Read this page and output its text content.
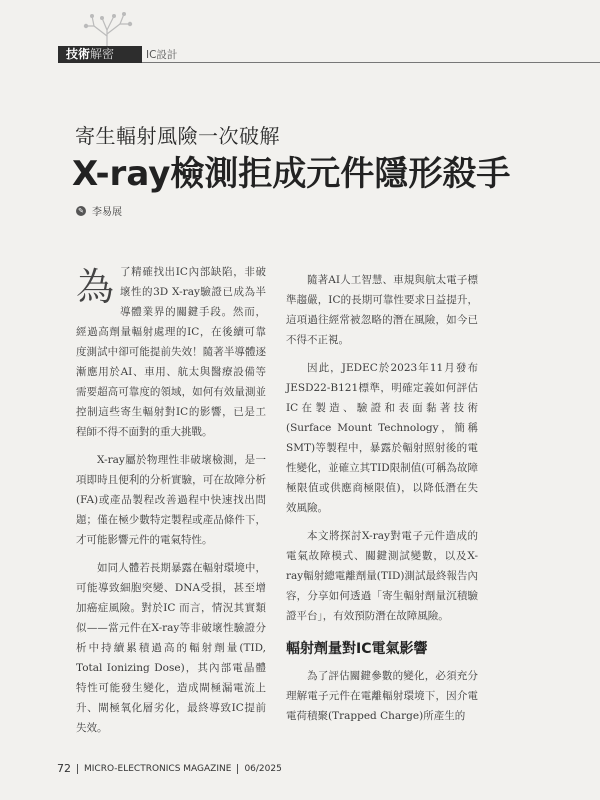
技術解密	IC設計
寄生輻射風險一次破解
X-ray檢測拒成元件隱形殺手
✎ 李易展

為了精確找出IC內部缺陷，非破壞性的3D X-ray驗證已成為半導體業界的關鍵手段。然而，經過高劑量輻射處理的IC，在後續可靠度測試中卻可能提前失效！隨著半導體逐漸應用於AI、車用、航太與醫療設備等需要超高可靠度的領域，如何有效量測並控制這些寄生輻射對IC的影響，已是工程師不得不面對的重大挑戰。

X-ray屬於物理性非破壞檢測，是一項即時且便利的分析實驗，可在故障分析(FA)或產品製程改善過程中快速找出問題；僅在極少數特定製程或產品條件下，才可能影響元件的電氣特性。

如同人體若長期暴露在輻射環境中，可能導致細胞突變、DNA受損，甚至增加癌症風險。對於IC 而言，情況其實類似——當元件在X-ray等非破壞性驗證分析中持續累積過高的輻射劑量(TID, Total Ionizing Dose)，其內部電晶體特性可能發生變化，造成閘極漏電流上升、閘極氧化層劣化，最終導致IC提前失效。

隨著AI人工智慧、車規與航太電子標準趨嚴，IC的長期可靠性要求日益提升，這項過往經常被忽略的潛在風險，如今已不得不正視。

因此，JEDEC於2023年11月發布JESD22-B121標準，明確定義如何評估IC在製造、驗證和表面黏著技術(Surface Mount Technology，簡稱SMT)等製程中，暴露於輻射照射後的電性變化，並確立其TID限制值(可稱為故障極限值或供應商極限值)，以降低潛在失效風險。

本文將探討X-ray對電子元件造成的電氣故障模式、關鍵測試變數，以及X-ray輻射總電離劑量(TID)測試最終報告內容，分享如何透過「寄生輻射劑量沉積驗證平台」，有效預防潛在故障風險。

輻射劑量對IC電氣影響

為了評估關鍵參數的變化，必須充分理解電子元件在電離輻射環境下，因介電電荷積聚(Trapped Charge)所產生的

72 MICRO-ELECTRONICS MAGAZINE 06/2025
